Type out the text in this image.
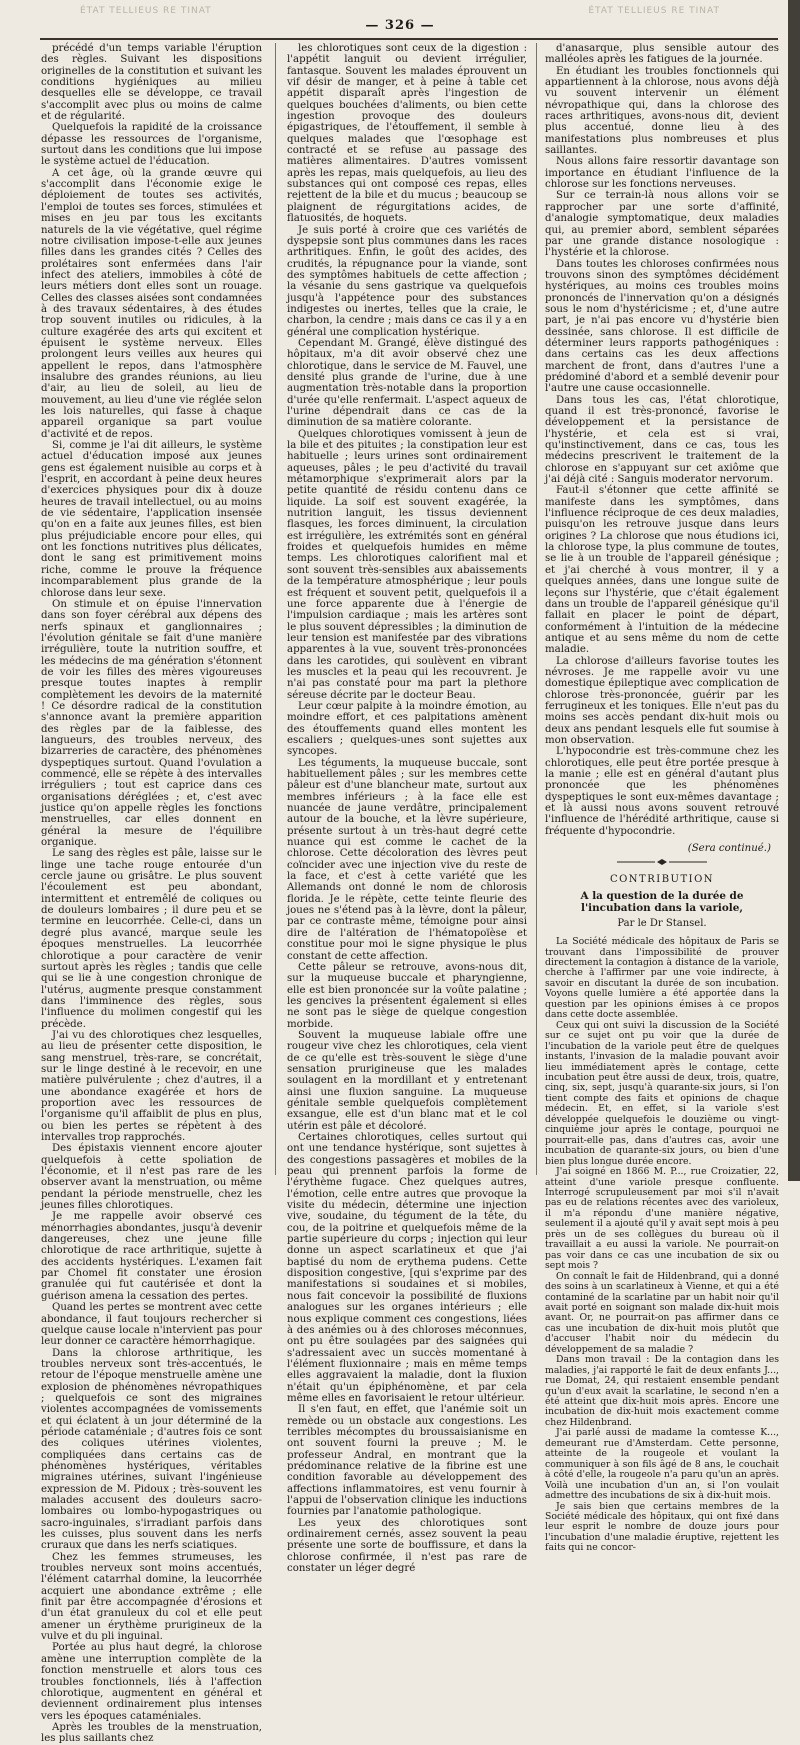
ÉTAT TELLIEUS RE TINAT	ÉTAT TELLIEUS RE TINAT
— 326 —

précédé d'un temps variable l'éruption des règles. Suivant les dispositions originelles de la constitution et suivant les conditions hygiéniques au milieu desquelles elle se développe, ce travail s'accomplit avec plus ou moins de calme et de régularité.

Quelquefois la rapidité de la croissance dépasse les ressources de l'organisme, surtout dans les conditions que lui impose le système actuel de l'éducation.

A cet âge, où la grande œuvre qui s'accomplit dans l'économie exige le déploiement de toutes ses activités, l'emploi de toutes ses forces, stimulées et mises en jeu par tous les excitants naturels de la vie végétative, quel régime notre civilisation impose-t-elle aux jeunes filles dans les grandes cités ? Celles des prolétaires sont enfermées dans l'air infect des ateliers, immobiles à côté de leurs métiers dont elles sont un rouage. Celles des classes aisées sont condamnées à des travaux sédentaires, à des études trop souvent inutiles ou ridicules, à la culture exagérée des arts qui excitent et épuisent le système nerveux. Elles prolongent leurs veilles aux heures qui appellent le repos, dans l'atmosphère insalubre des grandes réunions, au lieu d'air, au lieu de soleil, au lieu de mouvement, au lieu d'une vie réglée selon les lois naturelles, qui fasse à chaque appareil organique sa part voulue d'activité et de repos.

Si, comme je l'ai dit ailleurs, le système actuel d'éducation imposé aux jeunes gens est également nuisible au corps et à l'esprit, en accordant à peine deux heures d'exercices physiques pour dix à douze heures de travail intellectuel, ou au moins de vie sédentaire, l'application insensée qu'on en a faite aux jeunes filles, est bien plus préjudiciable encore pour elles, qui ont les fonctions nutritives plus délicates, dont le sang est primitivement moins riche, comme le prouve la fréquence incomparablement plus grande de la chlorose dans leur sexe.

On stimule et on épuise l'innervation dans son foyer cérébral aux dépens des nerfs spinaux et ganglionnaires ; l'évolution génitale se fait d'une manière irrégulière, toute la nutrition souffre, et les médecins de ma génération s'étonnent de voir les filles des mères vigoureuses presque toutes inaptes à remplir complètement les devoirs de la maternité ! Ce désordre radical de la constitution s'annonce avant la première apparition des règles par de la faiblesse, des langueurs, des troubles nerveux, des bizarreries de caractère, des phénomènes dyspeptiques surtout. Quand l'ovulation a commencé, elle se répète à des intervalles irréguliers ; tout est caprice dans ces organisations déréglées ; et, c'est avec justice qu'on appelle règles les fonctions menstruelles, car elles donnent en général la mesure de l'équilibre organique.

Le sang des règles est pâle, laisse sur le linge une tache rouge entourée d'un cercle jaune ou grisâtre. Le plus souvent l'écoulement est peu abondant, intermittent et entremêlé de coliques ou de douleurs lombaires ; il dure peu et se termine en leucorrhée. Celle-ci, dans un degré plus avancé, marque seule les époques menstruelles. La leucorrhée chlorotique a pour caractère de venir surtout après les règles ; tandis que celle qui se lie à une congestion chronique de l'utérus, augmente presque constamment dans l'imminence des règles, sous l'influence du molimen congestif qui les précède.

J'ai vu des chlorotiques chez lesquelles, au lieu de présenter cette disposition, le sang menstruel, très-rare, se concrétait, sur le linge destiné à le recevoir, en une matière pulvérulente ; chez d'autres, il a une abondance exagérée et hors de proportion avec les ressources de l'organisme qu'il affaiblit de plus en plus, ou bien les pertes se répètent à des intervalles trop rapprochés.

Des épistaxis viennent encore ajouter quelquefois à cette spoliation de l'économie, et il n'est pas rare de les observer avant la menstruation, ou même pendant la période menstruelle, chez les jeunes filles chlorotiques.

Je me rappelle avoir observé ces ménorrhagies abondantes, jusqu'à devenir dangereuses, chez une jeune fille chlorotique de race arthritique, sujette à des accidents hystériques. L'examen fait par Chomel fit constater une érosion granulée qui fut cautérisée et dont la guérison amena la cessation des pertes.

Quand les pertes se montrent avec cette abondance, il faut toujours rechercher si quelque cause locale n'intervient pas pour leur donner ce caractère hémorrhagique.

Dans la chlorose arthritique, les troubles nerveux sont très-accentués, le retour de l'époque menstruelle amène une explosion de phénomènes névropathiques ; quelquefois ce sont des migraines violentes accompagnées de vomissements et qui éclatent à un jour déterminé de la période cataméniale ; d'autres fois ce sont des coliques utérines violentes, compliquées dans certains cas de phénomènes hystériques, véritables migraines utérines, suivant l'ingénieuse expression de M. Pidoux ; très-souvent les malades accusent des douleurs sacro-lombaires ou lombo-hypogastriques ou sacro-inguinales, s'irradiant parfois dans les cuisses, plus souvent dans les nerfs cruraux que dans les nerfs sciatiques.

Chez les femmes strumeuses, les troubles nerveux sont moins accentués, l'élément catarrhal domine, la leucorrhée acquiert une abondance extrême ; elle finit par être accompagnée d'érosions et d'un état granuleux du col et elle peut amener un érythème prurigineux de la vulve et du pli inguinal.

Portée au plus haut degré, la chlorose amène une interruption complète de la fonction menstruelle et alors tous ces troubles fonctionnels, liés à l'affection chlorotique, augmentent en général et deviennent ordinairement plus intenses vers les époques cataméniales.

Après les troubles de la menstruation, les plus saillants chez

les chlorotiques sont ceux de la digestion : l'appétit languit ou devient irrégulier, fantasque. Souvent les malades éprouvent un vif désir de manger, et à peine à table cet appétit disparaît après l'ingestion de quelques bouchées d'aliments, ou bien cette ingestion provoque des douleurs épigastriques, de l'étouffement, il semble à quelques malades que l'œsophage est contracté et se refuse au passage des matières alimentaires. D'autres vomissent après les repas, mais quelquefois, au lieu des substances qui ont composé ces repas, elles rejettent de la bile et du mucus ; beaucoup se plaignent de régurgitations acides, de flatuosités, de hoquets.

Je suis porté à croire que ces variétés de dyspepsie sont plus communes dans les races arthritiques. Enfin, le goût des acides, des crudités, la répugnance pour la viande, sont des symptômes habituels de cette affection ; la vésanie du sens gastrique va quelquefois jusqu'à l'appétence pour des substances indigestes ou inertes, telles que la craie, le charbon, la cendre ; mais dans ce cas il y a en général une complication hystérique.

Cependant M. Grangé, élève distingué des hôpitaux, m'a dit avoir observé chez une chlorotique, dans le service de M. Fauvel, une densité plus grande de l'urine, due à une augmentation très-notable dans la proportion d'urée qu'elle renfermait. L'aspect aqueux de l'urine dépendrait dans ce cas de la diminution de sa matière colorante.

Quelques chlorotiques vomissent à jeun de la bile et des pituites ; la constipation leur est habituelle ; leurs urines sont ordinairement aqueuses, pâles ; le peu d'activité du travail métamorphique s'exprimerait alors par la petite quantité de résidu contenu dans ce liquide. La soif est souvent exagérée, la nutrition languit, les tissus deviennent flasques, les forces diminuent, la circulation est irrégulière, les extrémités sont en général froides et quelquefois humides en même temps. Les chlorotiques calorifient mal et sont souvent très-sensibles aux abaissements de la température atmosphérique ; leur pouls est fréquent et souvent petit, quelquefois il a une force apparente due à l'énergie de l'impulsion cardiaque ; mais les artères sont le plus souvent dépressibles ; la diminution de leur tension est manifestée par des vibrations apparentes à la vue, souvent très-prononcées dans les carotides, qui soulèvent en vibrant les muscles et la peau qui les recouvrent. Je n'ai pas constaté pour ma part la plethore séreuse décrite par le docteur Beau.

Leur cœur palpite à la moindre émotion, au moindre effort, et ces palpitations amènent des étouffements quand elles montent les escaliers ; quelques-unes sont sujettes aux syncopes.

Les téguments, la muqueuse buccale, sont habituellement pâles ; sur les membres cette pâleur est d'une blancheur mate, surtout aux membres inférieurs ; à la face elle est nuancée de jaune verdâtre, principalement autour de la bouche, et la lèvre supérieure, présente surtout à un très-haut degré cette nuance qui est comme le cachet de la chlorose. Cette décoloration des lèvres peut coïncider avec une injection vive du reste de la face, et c'est à cette variété que les Allemands ont donné le nom de chlorosis florida. Je le répète, cette teinte fleurie des joues ne s'étend pas à la lèvre, dont la pâleur, par ce contraste même, témoigne pour ainsi dire de l'altération de l'hématopoïèse et constitue pour moi le signe physique le plus constant de cette affection.

Cette pâleur se retrouve, avons-nous dit, sur la muqueuse buccale et pharyngienne, elle est bien prononcée sur la voûte palatine ; les gencives la présentent également si elles ne sont pas le siège de quelque congestion morbide.

Souvent la muqueuse labiale offre une rougeur vive chez les chlorotiques, cela vient de ce qu'elle est très-souvent le siège d'une sensation prurigineuse que les malades soulagent en la mordillant et y entretenant ainsi une fluxion sanguine. La muqueuse génitale semble quelquefois complètement exsangue, elle est d'un blanc mat et le col utérin est pâle et décoloré.

Certaines chlorotiques, celles surtout qui ont une tendance hystérique, sont sujettes à des congestions passagères et mobiles de la peau qui prennent parfois la forme de l'érythème fugace. Chez quelques autres, l'émotion, celle entre autres que provoque la visite du médecin, détermine une injection vive, soudaine, du tégument de la tête, du cou, de la poitrine et quelquefois même de la partie supérieure du corps ; injection qui leur donne un aspect scarlatineux et que j'ai baptisé du nom de erythema pudens. Cette disposition congestive, [qui s'exprime par des manifestations si soudaines et si mobiles, nous fait concevoir la possibilité de fluxions analogues sur les organes intérieurs ; elle nous explique comment ces congestions, liées à des anémies ou à des chloroses méconnues, ont pu être soulagées par des saignées qui s'adressaient avec un succès momentané à l'élément fluxionnaire ; mais en même temps elles aggravaient la maladie, dont la fluxion n'était qu'un épiphénomène, et par cela même elles en favorisaient le retour ultérieur.

Il s'en faut, en effet, que l'anémie soit un remède ou un obstacle aux congestions. Les terribles mécomptes du broussaisianisme en ont souvent fourni la preuve ; M. le professeur Andral, en montrant que la prédominance relative de la fibrine est une condition favorable au développement des affections inflammatoires, est venu fournir à l'appui de l'observation clinique les inductions fournies par l'anatomie pathologique.

Les yeux des chlorotiques sont ordinairement cernés, assez souvent la peau présente une sorte de bouffissure, et dans la chlorose confirmée, il n'est pas rare de constater un léger degré

d'anasarque, plus sensible autour des malléoles après les fatigues de la journée.

En étudiant les troubles fonctionnels qui appartiennent à la chlorose, nous avons déjà vu souvent intervenir un élément névropathique qui, dans la chlorose des races arthritiques, avons-nous dit, devient plus accentué, donne lieu à des manifestations plus nombreuses et plus saillantes.

Nous allons faire ressortir davantage son importance en étudiant l'influence de la chlorose sur les fonctions nerveuses.

Sur ce terrain-là nous allons voir se rapprocher par une sorte d'affinité, d'analogie symptomatique, deux maladies qui, au premier abord, semblent séparées par une grande distance nosologique : l'hystérie et la chlorose.

Dans toutes les chloroses confirmées nous trouvons sinon des symptômes décidément hystériques, au moins ces troubles moins prononcés de l'innervation qu'on a désignés sous le nom d'hystéricisme ; et, d'une autre part, je n'ai pas encore vu d'hystérie bien dessinée, sans chlorose. Il est difficile de déterminer leurs rapports pathogéniques : dans certains cas les deux affections marchent de front, dans d'autres l'une a prédominé d'abord et a semblé devenir pour l'autre une cause occasionnelle.

Dans tous les cas, l'état chlorotique, quand il est très-prononcé, favorise le développement et la persistance de l'hystérie, et cela est si vrai, qu'instinctivement, dans ce cas, tous les médecins prescrivent le traitement de la chlorose en s'appuyant sur cet axiôme que j'ai déjà cité : Sanguis moderator nervorum.

Faut-il s'étonner que cette affinité se manifeste dans les symptômes, dans l'influence réciproque de ces deux maladies, puisqu'on les retrouve jusque dans leurs origines ? La chlorose que nous étudions ici, la chlorose type, la plus commune de toutes, se lie à un trouble de l'appareil génésique ; et j'ai cherché à vous montrer, il y a quelques années, dans une longue suite de leçons sur l'hystérie, que c'était également dans un trouble de l'appareil génésique qu'il fallait en placer le point de départ, conformément à l'intuition de la médecine antique et au sens même du nom de cette maladie.

La chlorose d'ailleurs favorise toutes les névroses. Je me rappelle avoir vu une domestique épileptique avec complication de chlorose très-prononcée, guérir par les ferrugineux et les toniques. Elle n'eut pas du moins ses accès pendant dix-huit mois ou deux ans pendant lesquels elle fut soumise à mon observation.

L'hypocondrie est très-commune chez les chlorotiques, elle peut être portée presque à la manie ; elle est en général d'autant plus prononcée que les phénomènes dyspeptiques le sont eux-mêmes davantage ; et là aussi nous avons souvent retrouvé l'influence de l'hérédité arthritique, cause si fréquente d'hypocondrie.

(Sera continué.)
CONTRIBUTION
A la question de la durée de l'incubation dans la variole,
Par le Dr Stansel.

La Société médicale des hôpitaux de Paris se trouvant dans l'impossibilité de prouver directement la contagion à distance de la variole, cherche à l'affirmer par une voie indirecte, à savoir en discutant la durée de son incubation. Voyons quelle lumière a été apportée dans la question par les opinions émises à ce propos dans cette docte assemblée.

Ceux qui ont suivi la discussion de la Société sur ce sujet ont pu voir que la durée de l'incubation de la variole peut être de quelques instants, l'invasion de la maladie pouvant avoir lieu immédiatement après le contage, cette incubation peut être aussi de deux, trois, quatre, cinq, six, sept, jusqu'à quarante-six jours, si l'on tient compte des faits et opinions de chaque médecin. Et, en effet, si la variole s'est développée quelquefois le douzième ou vingt-cinquième jour après le contage, pourquoi ne pourrait-elle pas, dans d'autres cas, avoir une incubation de quarante-six jours, ou bien d'une bien plus longue durée encore.

J'ai soigné en 1866 M. P..., rue Croizatier, 22, atteint d'une variole presque confluente. Interrogé scrupuleusement par moi s'il n'avait pas eu de relations récentes avec des varioleux, il m'a répondu d'une manière négative, seulement il a ajouté qu'il y avait sept mois à peu près un de ses collègues du bureau où il travaillait a eu aussi la variole. Ne pourrait-on pas voir dans ce cas une incubation de six ou sept mois ?

On connaît le fait de Hildenbrand, qui a donné des soins à un scarlatineux à Vienne, et qui a été contaminé de la scarlatine par un habit noir qu'il avait porté en soignant son malade dix-huit mois avant. Or, ne pourrait-on pas affirmer dans ce cas une incubation de dix-huit mois plutôt que d'accuser l'habit noir du médecin du développement de sa maladie ?

Dans mon travail : De la contagion dans les maladies, j'ai rapporté le fait de deux enfants J..., rue Domat, 24, qui restaient ensemble pendant qu'un d'eux avait la scarlatine, le second n'en a été atteint que dix-huit mois après. Encore une incubation de dix-huit mois exactement comme chez Hildenbrand.

J'ai parlé aussi de madame la comtesse K..., demeurant rue d'Amsterdam. Cette personne, atteinte de la rougeole et voulant la communiquer à son fils âgé de 8 ans, le couchait à côté d'elle, la rougeole n'a paru qu'un an après. Voilà une incubation d'un an, si l'on voulait admettre des incubations de six à dix-huit mois.

Je sais bien que certains membres de la Société médicale des hôpitaux, qui ont fixé dans leur esprit le nombre de douze jours pour l'incubation d'une maladie éruptive, rejettent les faits qui ne concor-
